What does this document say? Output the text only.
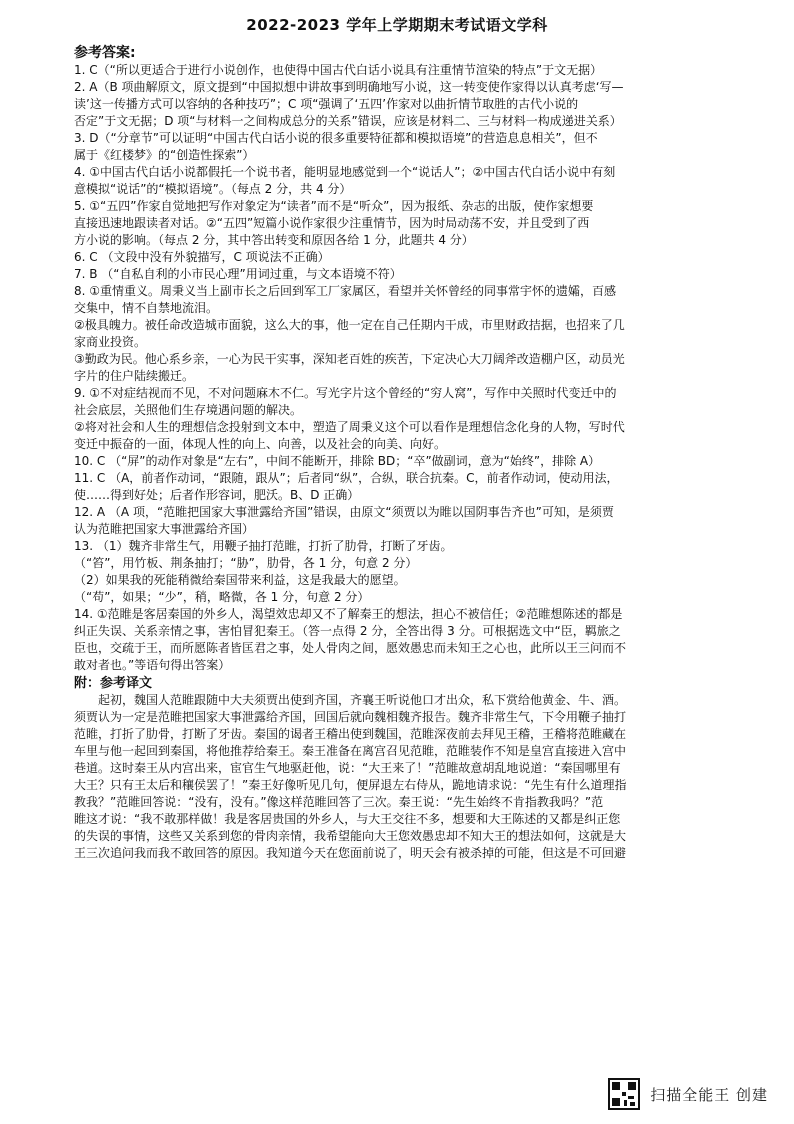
2022-2023 学年上学期期末考试语文学科
参考答案:
1. C（“所以更适合于进行小说创作，也使得中国古代白话小说具有注重情节渲染的特点”于文无据）
2. A（B 项曲解原文，原文提到“中国拟想中讲故事到明确地写小说，这一转变使作家得以认真考虑‘写—
读’这一传播方式可以容纳的各种技巧”；C 项“强调了‘五四’作家对以曲折情节取胜的古代小说的
否定”于文无据；D 项“与材料一之间构成总分的关系”错误，应该是材料二、三与材料一构成递进关系）
3. D（“分章节”可以证明“中国古代白话小说的很多重要特征都和模拟语境”的营造息息相关”，但不
属于《红楼梦》的“创造性探索”）
4. ①中国古代白话小说都假托一个说书者，能明显地感觉到一个“说话人”；②中国古代白话小说中有刻
意模拟“说话”的“模拟语境”。（每点 2 分，共 4 分）
5. ①“五四”作家自觉地把写作对象定为“读者”而不是“听众”，因为报纸、杂志的出版，使作家想要
直接迅速地跟读者对话。②“五四”短篇小说作家很少注重情节，因为时局动荡不安，并且受到了西
方小说的影响。（每点 2 分，其中答出转变和原因各给 1 分，此题共 4 分）
6. C （文段中没有外貌描写，C 项说法不正确）
7. B （“自私自利的小市民心理”用词过重，与文本语境不符）
8. ①重情重义。周秉义当上副市长之后回到军工厂家属区，看望并关怀曾经的同事常宇怀的遗孀，百感
交集中，情不自禁地流泪。
②极具魄力。被任命改造城市面貌，这么大的事，他一定在自己任期内干成，市里财政拮据，也招来了几
家商业投资。
③勤政为民。他心系乡亲，一心为民干实事，深知老百姓的疾苦，下定决心大刀阔斧改造棚户区，动员光
字片的住户陆续搬迁。
9. ①不对症结视而不见，不对问题麻木不仁。写光字片这个曾经的“穷人窝”，写作中关照时代变迁中的
社会底层，关照他们生存境遇问题的解决。
②将对社会和人生的理想信念投射到文本中，塑造了周秉义这个可以看作是理想信念化身的人物，写时代
变迁中振奋的一面，体现人性的向上、向善，以及社会的向美、向好。
10. C （“屏”的动作对象是“左右”，中间不能断开，排除 BD；“卒”做副词，意为“始终”，排除 A）
11. C （A，前者作动词，“跟随，跟从”；后者同“纵”，合纵，联合抗秦。C，前者作动词，使动用法，
使……得到好处；后者作形容词，肥沃。B、D 正确）
12. A （A 项，“范睢把国家大事泄露给齐国”错误，由原文“须贾以为睢以国阴事告齐也”可知，是须贾
认为范睢把国家大事泄露给齐国）
13. （1）魏齐非常生气，用鞭子抽打范睢，打折了肋骨，打断了牙齿。
（“笞”，用竹板、荆条抽打；“胁”，肋骨，各 1 分，句意 2 分）
（2）如果我的死能稍微给秦国带来利益，这是我最大的愿望。
（“苟”，如果；“少”，稍，略微，各 1 分，句意 2 分）
14. ①范睢是客居秦国的外乡人，渴望效忠却又不了解秦王的想法，担心不被信任；②范睢想陈述的都是
纠正失误、关系亲情之事，害怕冒犯秦王。（答一点得 2 分，全答出得 3 分。可根据选文中“臣，羁旅之
臣也，交疏于王，而所愿陈者皆匡君之事，处人骨肉之间，愿效愚忠而未知王之心也，此所以王三问而不
敢对者也。”等语句得出答案）
附：参考译文
起初，魏国人范睢跟随中大夫须贾出使到齐国，齐襄王听说他口才出众，私下赏给他黄金、牛、酒。
须贾认为一定是范睢把国家大事泄露给齐国，回国后就向魏相魏齐报告。魏齐非常生气，下令用鞭子抽打
范睢，打折了肋骨，打断了牙齿。秦国的谒者王稽出使到魏国，范睢深夜前去拜见王稽，王稽将范睢藏在
车里与他一起回到秦国，将他推荐给秦王。秦王准备在离宫召见范睢，范睢装作不知是皇宫直接进入宫中
巷道。这时秦王从内宫出来，宦官生气地驱赶他，说：“大王来了！”范睢故意胡乱地说道：“秦国哪里有
大王？只有王太后和穰侯罢了！”秦王好像听见几句，便屏退左右侍从，跪地请求说：“先生有什么道理指
教我？”范睢回答说：“没有，没有。”像这样范睢回答了三次。秦王说：“先生始终不肯指教我吗？”范
睢这才说：“我不敢那样做！我是客居贵国的外乡人，与大王交往不多，想要和大王陈述的又都是纠正您
的失误的事情，这些又关系到您的骨肉亲情，我希望能向大王您效愚忠却不知大王的想法如何，这就是大
王三次追问我而我不敢回答的原因。我知道今天在您面前说了，明天会有被杀掉的可能，但这是不可回避
扫描全能王 创建
